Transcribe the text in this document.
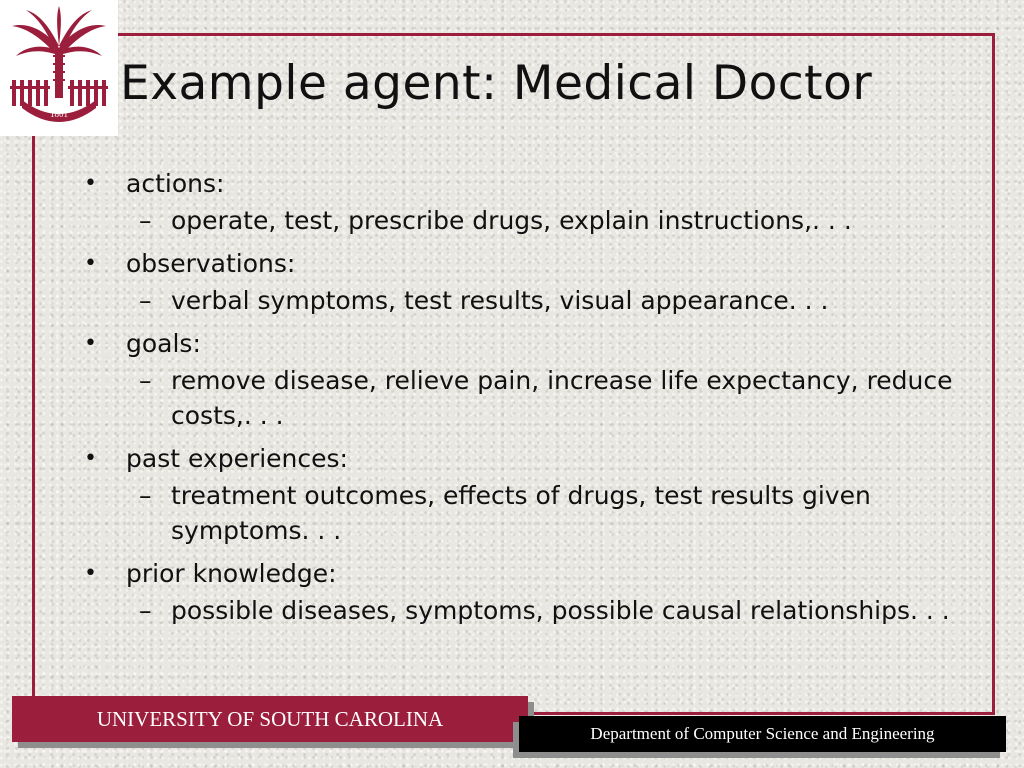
1801
Example agent: Medical Doctor
• actions:
– operate, test, prescribe drugs, explain instructions,. . .
• observations:
– verbal symptoms, test results, visual appearance. . .
• goals:
– remove disease, relieve pain, increase life expectancy, reduce costs,. . .
• past experiences:
– treatment outcomes, effects of drugs, test results given symptoms. . .
• prior knowledge:
– possible diseases, symptoms, possible causal relationships. . .
UNIVERSITY OF SOUTH CAROLINA
Department of Computer Science and Engineering
